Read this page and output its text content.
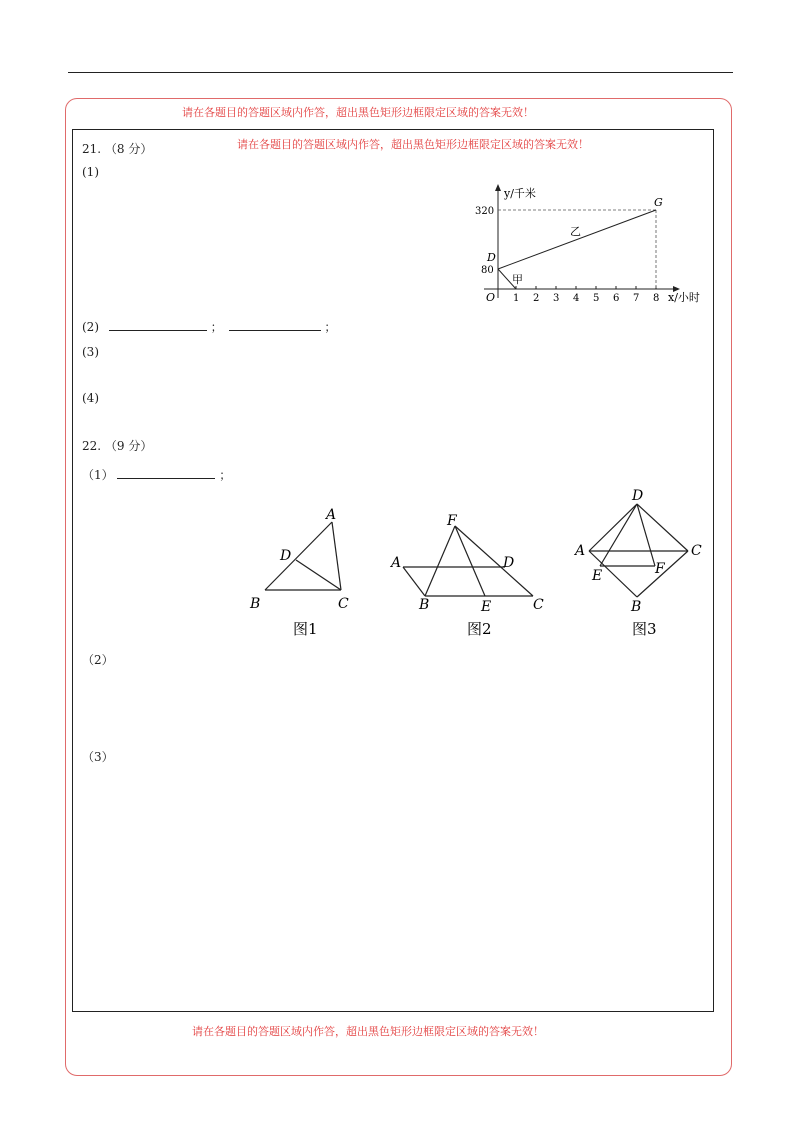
请在各题目的答题区域内作答，超出黑色矩形边框限定区域的答案无效！
请在各题目的答题区域内作答，超出黑色矩形边框限定区域的答案无效！
21. （8 分）
(1)
y/千米
x/小时
O
320
80
1 2 3 4 5 6 7 8
D
G
乙
甲
(2)	；	；
(3)
(4)
22. （9 分）
（1）	；
A
D
B	C
图1
F
A	D
B	E	C
图2
D
A	C
E	F
B
图3
（2）
（3）
请在各题目的答题区域内作答，超出黑色矩形边框限定区域的答案无效！
